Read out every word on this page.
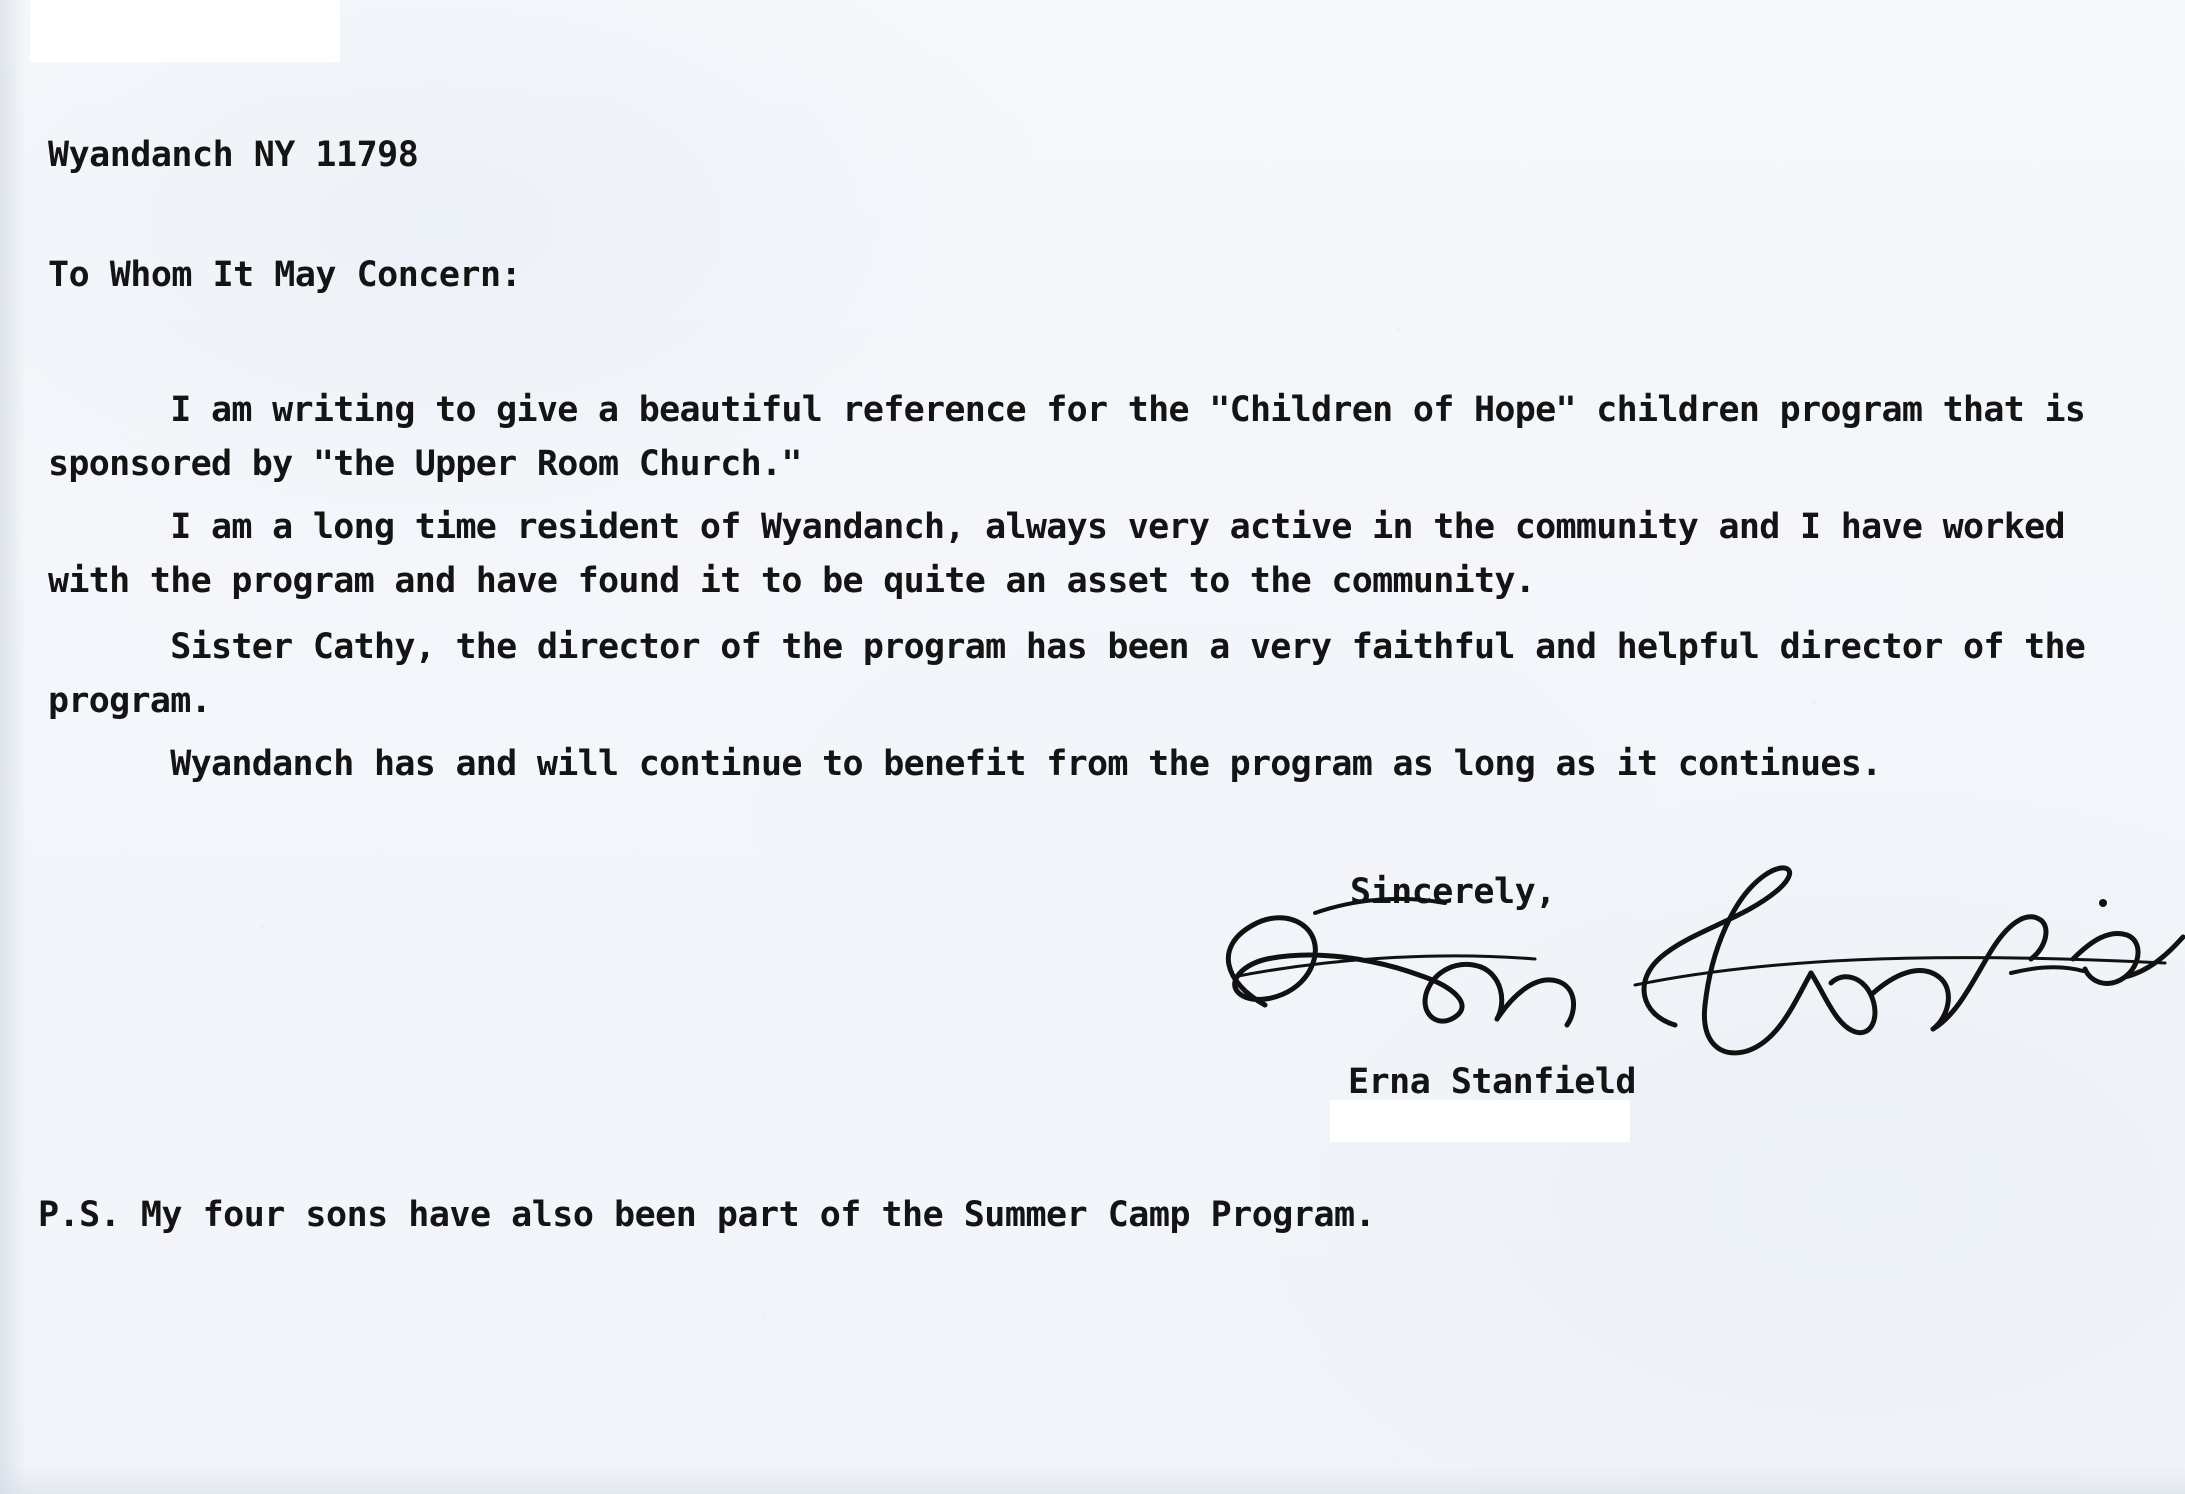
Wyandanch NY 11798
To Whom It May Concern:
I am writing to give a beautiful reference for the "Children of Hope" children program that is sponsored by "the Upper Room Church."
I am a long time resident of Wyandanch, always very active in the community and I have worked with the program and have found it to be quite an asset to the community.
Sister Cathy, the director of the program has been a very faithful and helpful director of the program.
Wyandanch has and will continue to benefit from the program as long as it continues.
Sincerely,
Erna Stanfield
P.S. My four sons have also been part of the Summer Camp Program.
